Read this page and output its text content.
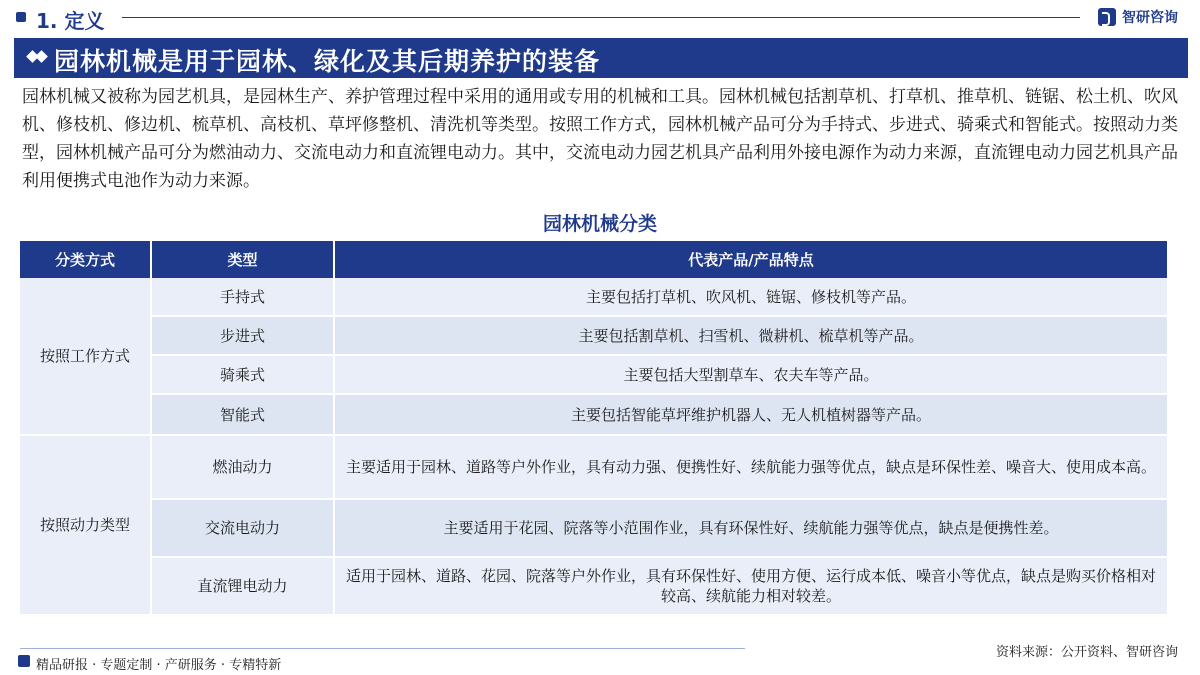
1. 定义	智研咨询
园林机械是用于园林、绿化及其后期养护的装备
园林机械又被称为园艺机具，是园林生产、养护管理过程中采用的通用或专用的机械和工具。园林机械包括割草机、打草机、推草机、链锯、松土机、吹风机、修枝机、修边机、梳草机、高枝机、草坪修整机、清洗机等类型。按照工作方式，园林机械产品可分为手持式、步进式、骑乘式和智能式。按照动力类型，园林机械产品可分为燃油动力、交流电动力和直流锂电动力。其中，交流电动力园艺机具产品利用外接电源作为动力来源，直流锂电动力园艺机具产品利用便携式电池作为动力来源。
园林机械分类
分类方式	类型	代表产品/产品特点
按照工作方式	手持式	主要包括打草机、吹风机、链锯、修枝机等产品。
	步进式	主要包括割草机、扫雪机、微耕机、梳草机等产品。
	骑乘式	主要包括大型割草车、农夫车等产品。
	智能式	主要包括智能草坪维护机器人、无人机植树器等产品。
按照动力类型	燃油动力	主要适用于园林、道路等户外作业，具有动力强、便携性好、续航能力强等优点，缺点是环保性差、噪音大、使用成本高。
	交流电动力	主要适用于花园、院落等小范围作业，具有环保性好、续航能力强等优点，缺点是便携性差。
	直流锂电动力	适用于园林、道路、花园、院落等户外作业，具有环保性好、使用方便、运行成本低、噪音小等优点，缺点是购买价格相对较高、续航能力相对较差。
精品研报 · 专题定制 · 产研服务 · 专精特新
资料来源：公开资料、智研咨询
